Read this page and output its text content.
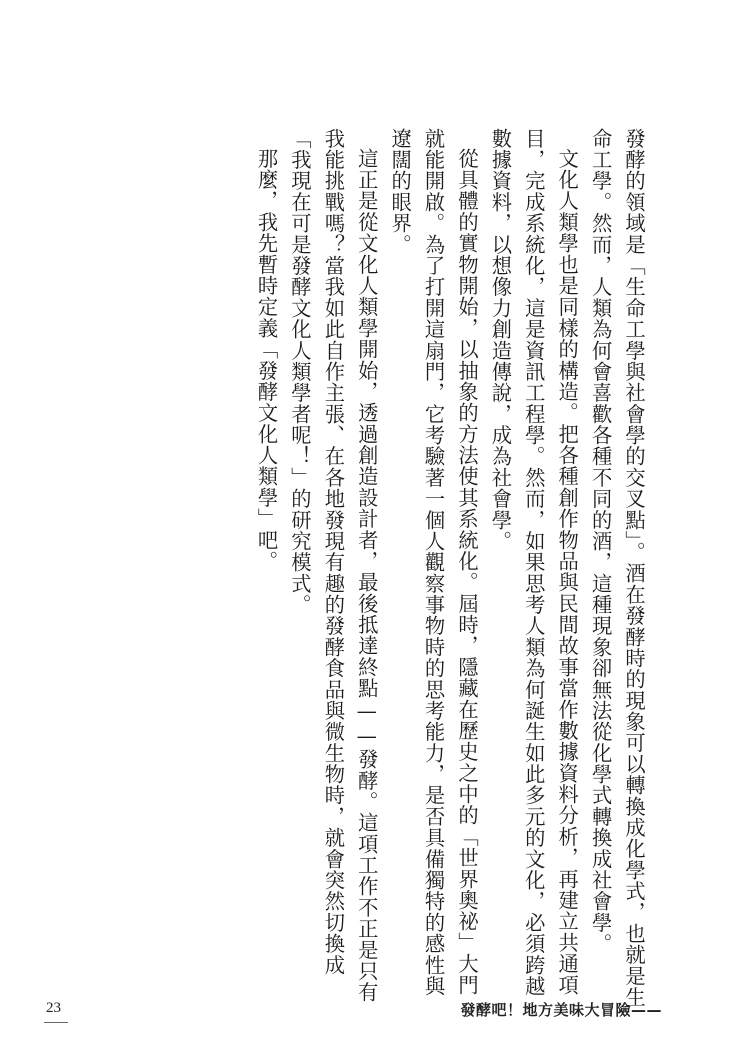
發酵的領域是「生命工學與社會學的交叉點」。酒在發酵時的現象可以轉換成化學式，也就是生命工學。然而，人類為何會喜歡各種不同的酒，這種現象卻無法從化學式轉換成社會學。

文化人類學也是同樣的構造。把各種創作物品與民間故事當作數據資料分析，再建立共通項目，完成系統化，這是資訊工程學。然而，如果思考人類為何誕生如此多元的文化，必須跨越數據資料，以想像力創造傳說，成為社會學。

從具體的實物開始，以抽象的方法使其系統化。屆時，隱藏在歷史之中的「世界奧祕」大門就能開啟。為了打開這扇門，它考驗著一個人觀察事物時的思考能力，是否具備獨特的感性與遼闊的眼界。

這正是從文化人類學開始，透過創造設計者，最後抵達終點——發酵。這項工作不正是只有我能挑戰嗎？當我如此自作主張、在各地發現有趣的發酵食品與微生物時，就會突然切換成「我現在可是發酵文化人類學者呢！」的研究模式。

那麼，我先暫時定義「發酵文化人類學」吧。

23	發酵吧！地方美味大冒險——
